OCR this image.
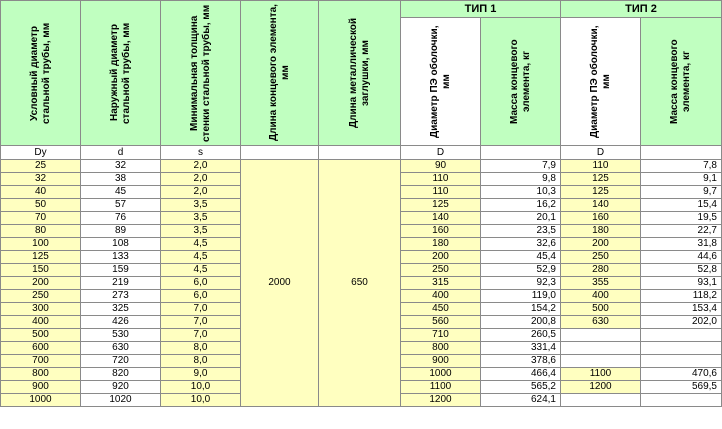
Условный диаметр стальной трубы, мм	Наружный диаметр стальной трубы, мм	Минимальная толщина стенки стальной трубы, мм	Длина концевого элемента, мм	Длина металлической заглушки, мм	ТИП 1		ТИП 2	

					Диаметр ПЭ оболочки, мм	Масса концевого элемента, кг	Диаметр ПЭ оболочки, мм	Масса концевого элемента, кг

Dy	d	s			D		D	
25	32	2,0	2000	650	90	7,9	110	7,8
32	38	2,0			110	9,8	125	9,1
40	45	2,0			110	10,3	125	9,7
50	57	3,5			125	16,2	140	15,4
70	76	3,5			140	20,1	160	19,5
80	89	3,5			160	23,5	180	22,7
100	108	4,5			180	32,6	200	31,8
125	133	4,5			200	45,4	250	44,6
150	159	4,5			250	52,9	280	52,8
200	219	6,0			315	92,3	355	93,1
250	273	6,0			400	119,0	400	118,2
300	325	7,0			450	154,2	500	153,4
400	426	7,0			560	200,8	630	202,0
500	530	7,0			710	260,5		
600	630	8,0			800	331,4		
700	720	8,0			900	378,6		
800	820	9,0			1000	466,4	1100	470,6
900	920	10,0			1100	565,2	1200	569,5
1000	1020	10,0			1200	624,1		
